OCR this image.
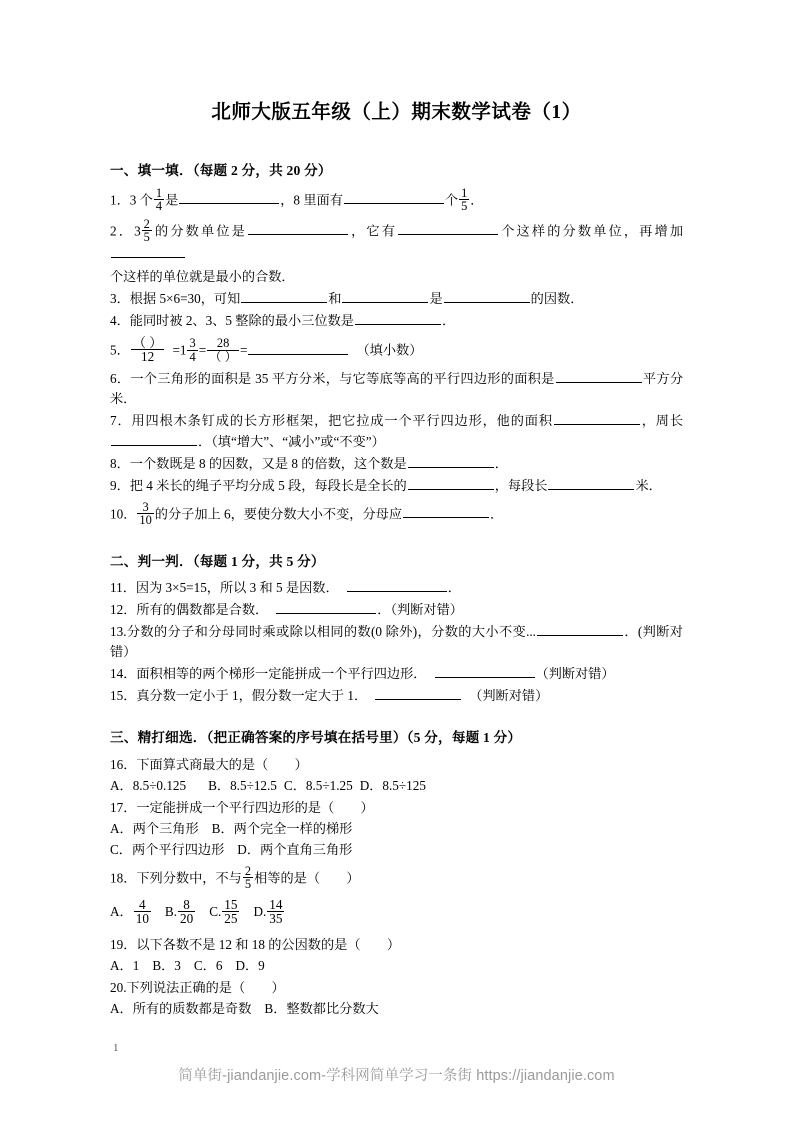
北师大版五年级（上）期末数学试卷（1）
一、填一填．（每题 2 分，共 20 分）
1．3 个 $\frac{1}{4}$ 是	，8 里面有	个 $\frac{1}{5}$ ．
2．$3 \frac{2}{5}$ 的分数单位是	，它有	个这样的分数单位，再增加
个这样的单位就是最小的合数．
3．根据 5×6=30，可知	和	是	的因数．
4．能同时被 2、3、5 整除的最小三位数是	．
5． $\frac{( )}{12} =1 \frac{3}{4} = \frac{28}{( )}$ =	（填小数）
6．一个三角形的面积是 35 平方分米，与它等底等高的平行四边形的面积是	平方分米．
7．用四根木条钉成的长方形框架，把它拉成一个平行四边形，他的面积	，周长．（填“增大”、“减小”或“不变”）
8．一个数既是 8 的因数，又是 8 的倍数，这个数是	．
9．把 4 米长的绳子平均分成 5 段，每段长是全长的	，每段长	米．
10． $\frac{3}{10}$ 的分子加上 6，要使分数大小不变，分母应	．
二、判一判．（每题 1 分，共 5 分）
11．因为 3×5=15，所以 3 和 5 是因数．	．
12．所有的偶数都是合数．	．（判断对错）
13.分数的分子和分母同时乘或除以相同的数(0 除外)，分数的大小不变...	．(判断对错）
14．面积相等的两个梯形一定能拼成一个平行四边形．	（判断对错）
15．真分数一定小于 1，假分数一定大于 1．	（判断对错）
三、精打细选．（把正确答案的序号填在括号里）（5 分，每题 1 分）
16．下面算式商最大的是（　　）
A．8.5÷0.125 B．8.5÷12.5 C．8.5÷1.25 D．8.5÷125
17．一定能拼成一个平行四边形的是（　　）
A．两个三角形 B．两个完全一样的梯形
C．两个平行四边形 D．两个直角三角形
18．下列分数中，不与 $\frac{2}{5}$ 相等的是（　　）
A． $\frac{4}{10} B$. $\frac{8}{20} C$. $\frac{15}{25} D$. $\frac{14}{35}$
19．以下各数不是 12 和 18 的公因数的是（　　）
A．1 B．3 C．6 D．9
20.下列说法正确的是（　　）
A．所有的质数都是奇数 B．整数都比分数大
1
简单街-jiandanjie.com-学科网简单学习一条街 https://jiandanjie.com
